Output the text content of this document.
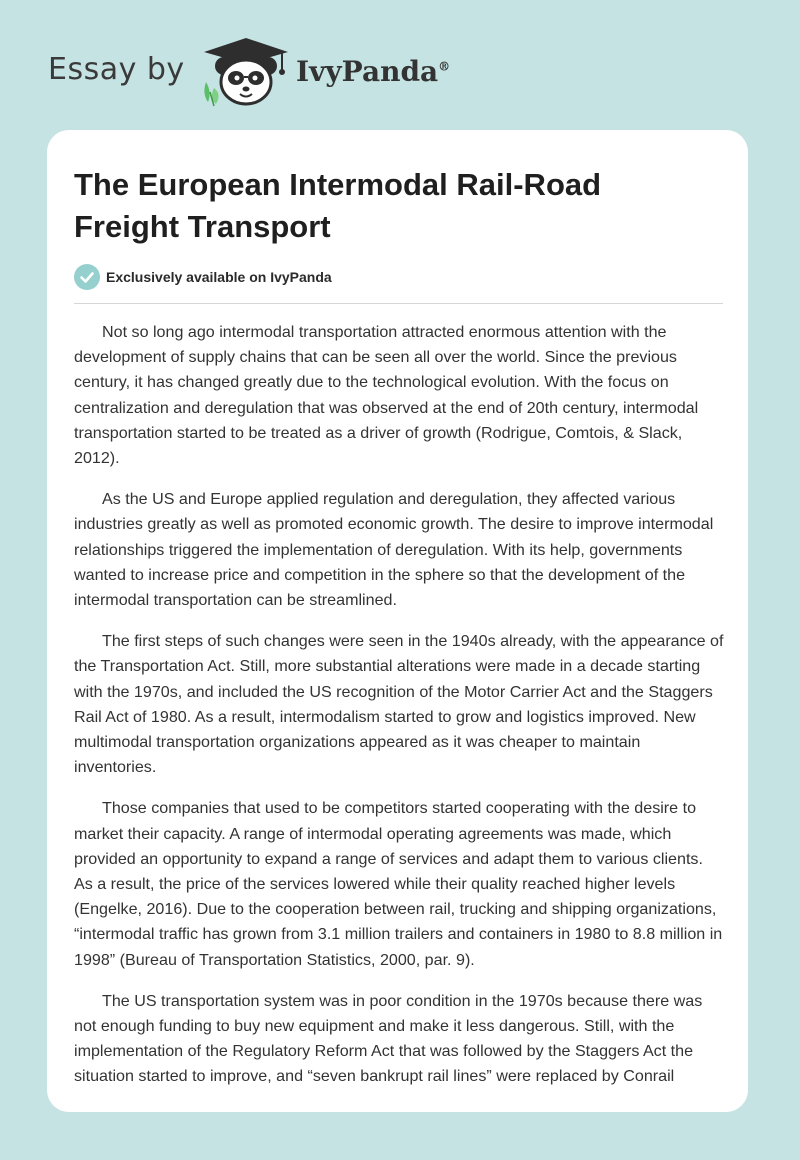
Essay by	IvyPanda®
The European Intermodal Rail-Road Freight Transport
Exclusively available on IvyPanda

Not so long ago intermodal transportation attracted enormous attention with the development of supply chains that can be seen all over the world. Since the previous century, it has changed greatly due to the technological evolution. With the focus on centralization and deregulation that was observed at the end of 20th century, intermodal transportation started to be treated as a driver of growth (Rodrigue, Comtois, & Slack, 2012).

As the US and Europe applied regulation and deregulation, they affected various industries greatly as well as promoted economic growth. The desire to improve intermodal relationships triggered the implementation of deregulation. With its help, governments wanted to increase price and competition in the sphere so that the development of the intermodal transportation can be streamlined.

The first steps of such changes were seen in the 1940s already, with the appearance of the Transportation Act. Still, more substantial alterations were made in a decade starting with the 1970s, and included the US recognition of the Motor Carrier Act and the Staggers Rail Act of 1980. As a result, intermodalism started to grow and logistics improved. New multimodal transportation organizations appeared as it was cheaper to maintain inventories.

Those companies that used to be competitors started cooperating with the desire to market their capacity. A range of intermodal operating agreements was made, which provided an opportunity to expand a range of services and adapt them to various clients. As a result, the price of the services lowered while their quality reached higher levels (Engelke, 2016). Due to the cooperation between rail, trucking and shipping organizations, “intermodal traffic has grown from 3.1 million trailers and containers in 1980 to 8.8 million in 1998” (Bureau of Transportation Statistics, 2000, par. 9).

The US transportation system was in poor condition in the 1970s because there was not enough funding to buy new equipment and make it less dangerous. Still, with the implementation of the Regulatory Reform Act that was followed by the Staggers Act the situation started to improve, and “seven bankrupt rail lines” were replaced by Conrail
